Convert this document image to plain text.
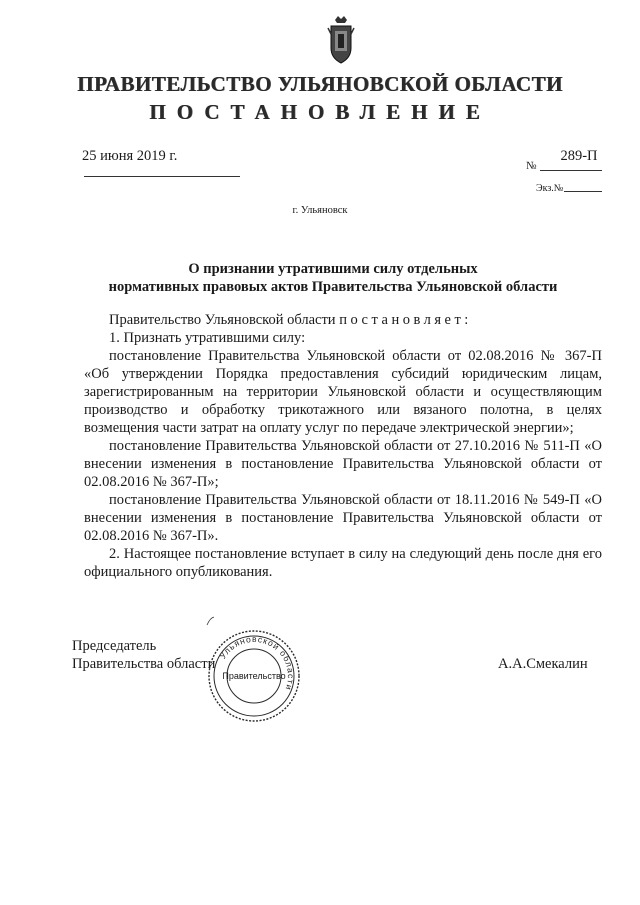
ПРАВИТЕЛЬСТВО УЛЬЯНОВСКОЙ ОБЛАСТИ
ПОСТАНОВЛЕНИЕ
25 июня 2019 г.
№
289-П
Экз.№
г. Ульяновск
О признании утратившими силу отдельных
нормативных правовых актов Правительства Ульяновской области

Правительство Ульяновской области постановляет:

1. Признать утратившими силу:

постановление Правительства Ульяновской области от 02.08.2016 № 367-П «Об утверждении Порядка предоставления субсидий юридическим лицам, зарегистрированным на территории Ульяновской области и осуществляющим производство и обработку трикотажного или вязаного полотна, в целях возмещения части затрат на оплату услуг по передаче электрической энергии»;

постановление Правительства Ульяновской области от 27.10.2016 № 511-П «О внесении изменения в постановление Правительства Ульяновской области от 02.08.2016 № 367-П»;

постановление Правительства Ульяновской области от 18.11.2016 № 549-П «О внесении изменения в постановление Правительства Ульяновской области от 02.08.2016 № 367-П».

2. Настоящее постановление вступает в силу на следующий день после дня его официального опубликования.

Председатель
Правительства области	А.А.Смекалин
Ульяновской области
Правительство
